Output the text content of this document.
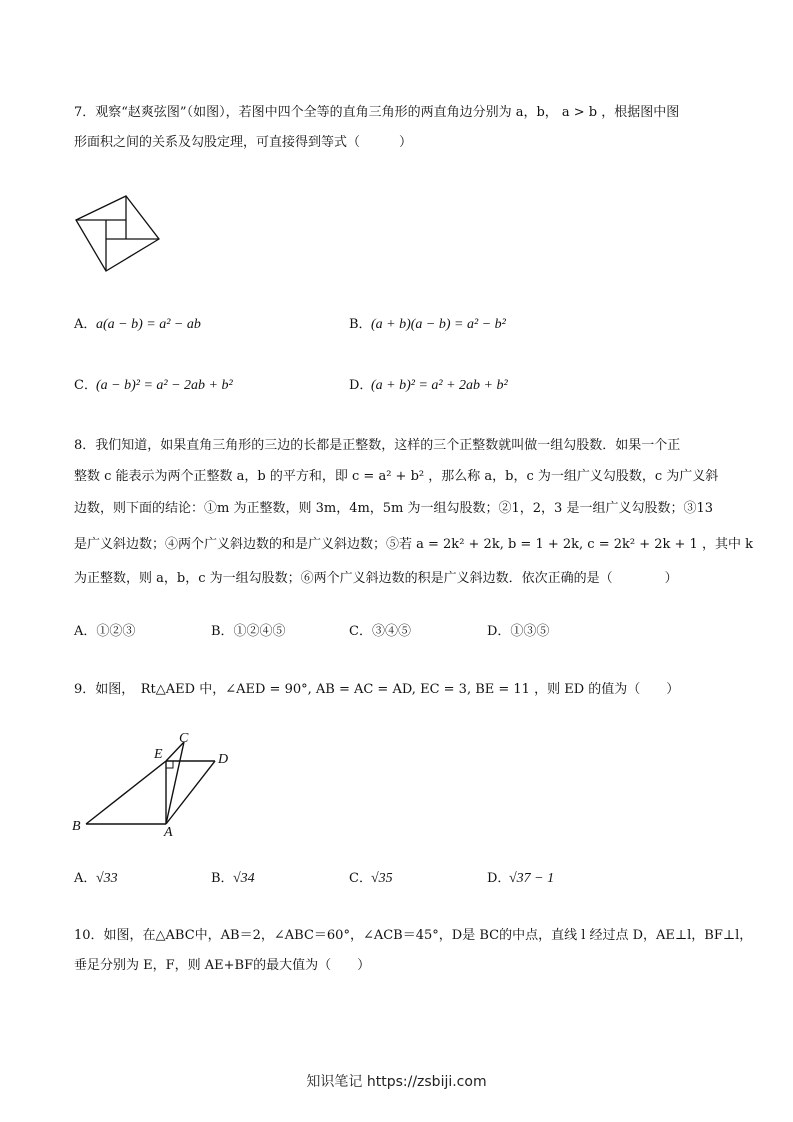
7．观察“赵爽弦图”（如图），若图中四个全等的直角三角形的两直角边分别为 a，b， a > b ，根据图中图
形面积之间的关系及勾股定理，可直接得到等式（　　　）
A．a(a − b) = a² − ab	B．(a + b)(a − b) = a² − b²
C．(a − b)² = a² − 2ab + b²	D．(a + b)² = a² + 2ab + b²
8．我们知道，如果直角三角形的三边的长都是正整数，这样的三个正整数就叫做一组勾股数．如果一个正
整数 c 能表示为两个正整数 a，b 的平方和，即 c = a² + b² ，那么称 a，b，c 为一组广义勾股数，c 为广义斜
边数，则下面的结论：①m 为正整数，则 3m，4m，5m 为一组勾股数；②1，2，3 是一组广义勾股数；③13
是广义斜边数；④两个广义斜边数的和是广义斜边数；⑤若 a = 2k² + 2k, b = 1 + 2k, c = 2k² + 2k + 1 ，其中 k
为正整数，则 a，b，c 为一组勾股数；⑥两个广义斜边数的积是广义斜边数．依次正确的是（　　　　）
A．①②③	B．①②④⑤	C．③④⑤	D．①③⑤
9．如图，　Rt△AED 中，∠AED = 90°, AB = AC = AD, EC = 3, BE = 11 ，则 ED 的值为（　　）
C
E	D
B	A
A．√33	B．√34	C．√35	D．√37 − 1
10．如图，在△ABC中，AB＝2，∠ABC＝60°，∠ACB＝45°，D是 BC的中点，直线 l 经过点 D，AE⊥l，BF⊥l，
垂足分别为 E，F，则 AE+BF的最大值为（　　）
知识笔记 https://zsbiji.com
